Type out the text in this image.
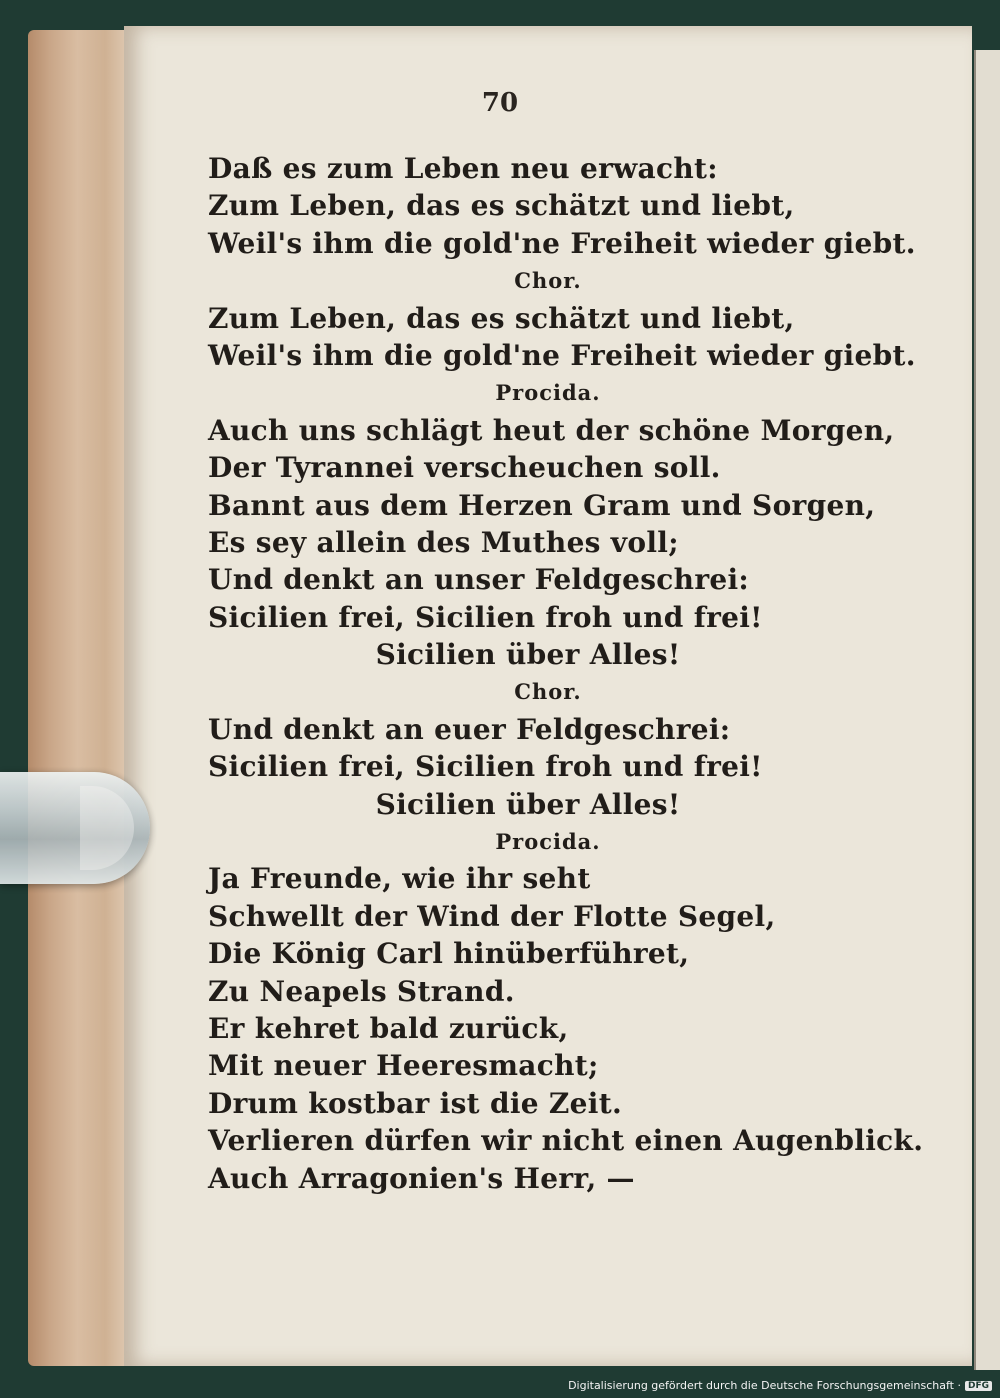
70
Daß es zum Leben neu erwacht:
Zum Leben, das es schätzt und liebt,
Weil's ihm die gold'ne Freiheit wieder giebt.
Chor.
Zum Leben, das es schätzt und liebt,
Weil's ihm die gold'ne Freiheit wieder giebt.
Procida.
Auch uns schlägt heut der schöne Morgen,
Der Tyrannei verscheuchen soll.
Bannt aus dem Herzen Gram und Sorgen,
Es sey allein des Muthes voll;
Und denkt an unser Feldgeschrei:
Sicilien frei, Sicilien froh und frei!
Sicilien über Alles!
Chor.
Und denkt an euer Feldgeschrei:
Sicilien frei, Sicilien froh und frei!
Sicilien über Alles!
Procida.
Ja Freunde, wie ihr seht
Schwellt der Wind der Flotte Segel,
Die König Carl hinüberführet,
Zu Neapels Strand.
Er kehret bald zurück,
Mit neuer Heeresmacht;
Drum kostbar ist die Zeit.
Verlieren dürfen wir nicht einen Augenblick.
Auch Arragonien's Herr, —
Digitalisierung gefördert durch die Deutsche Forschungsgemeinschaft · DFG
